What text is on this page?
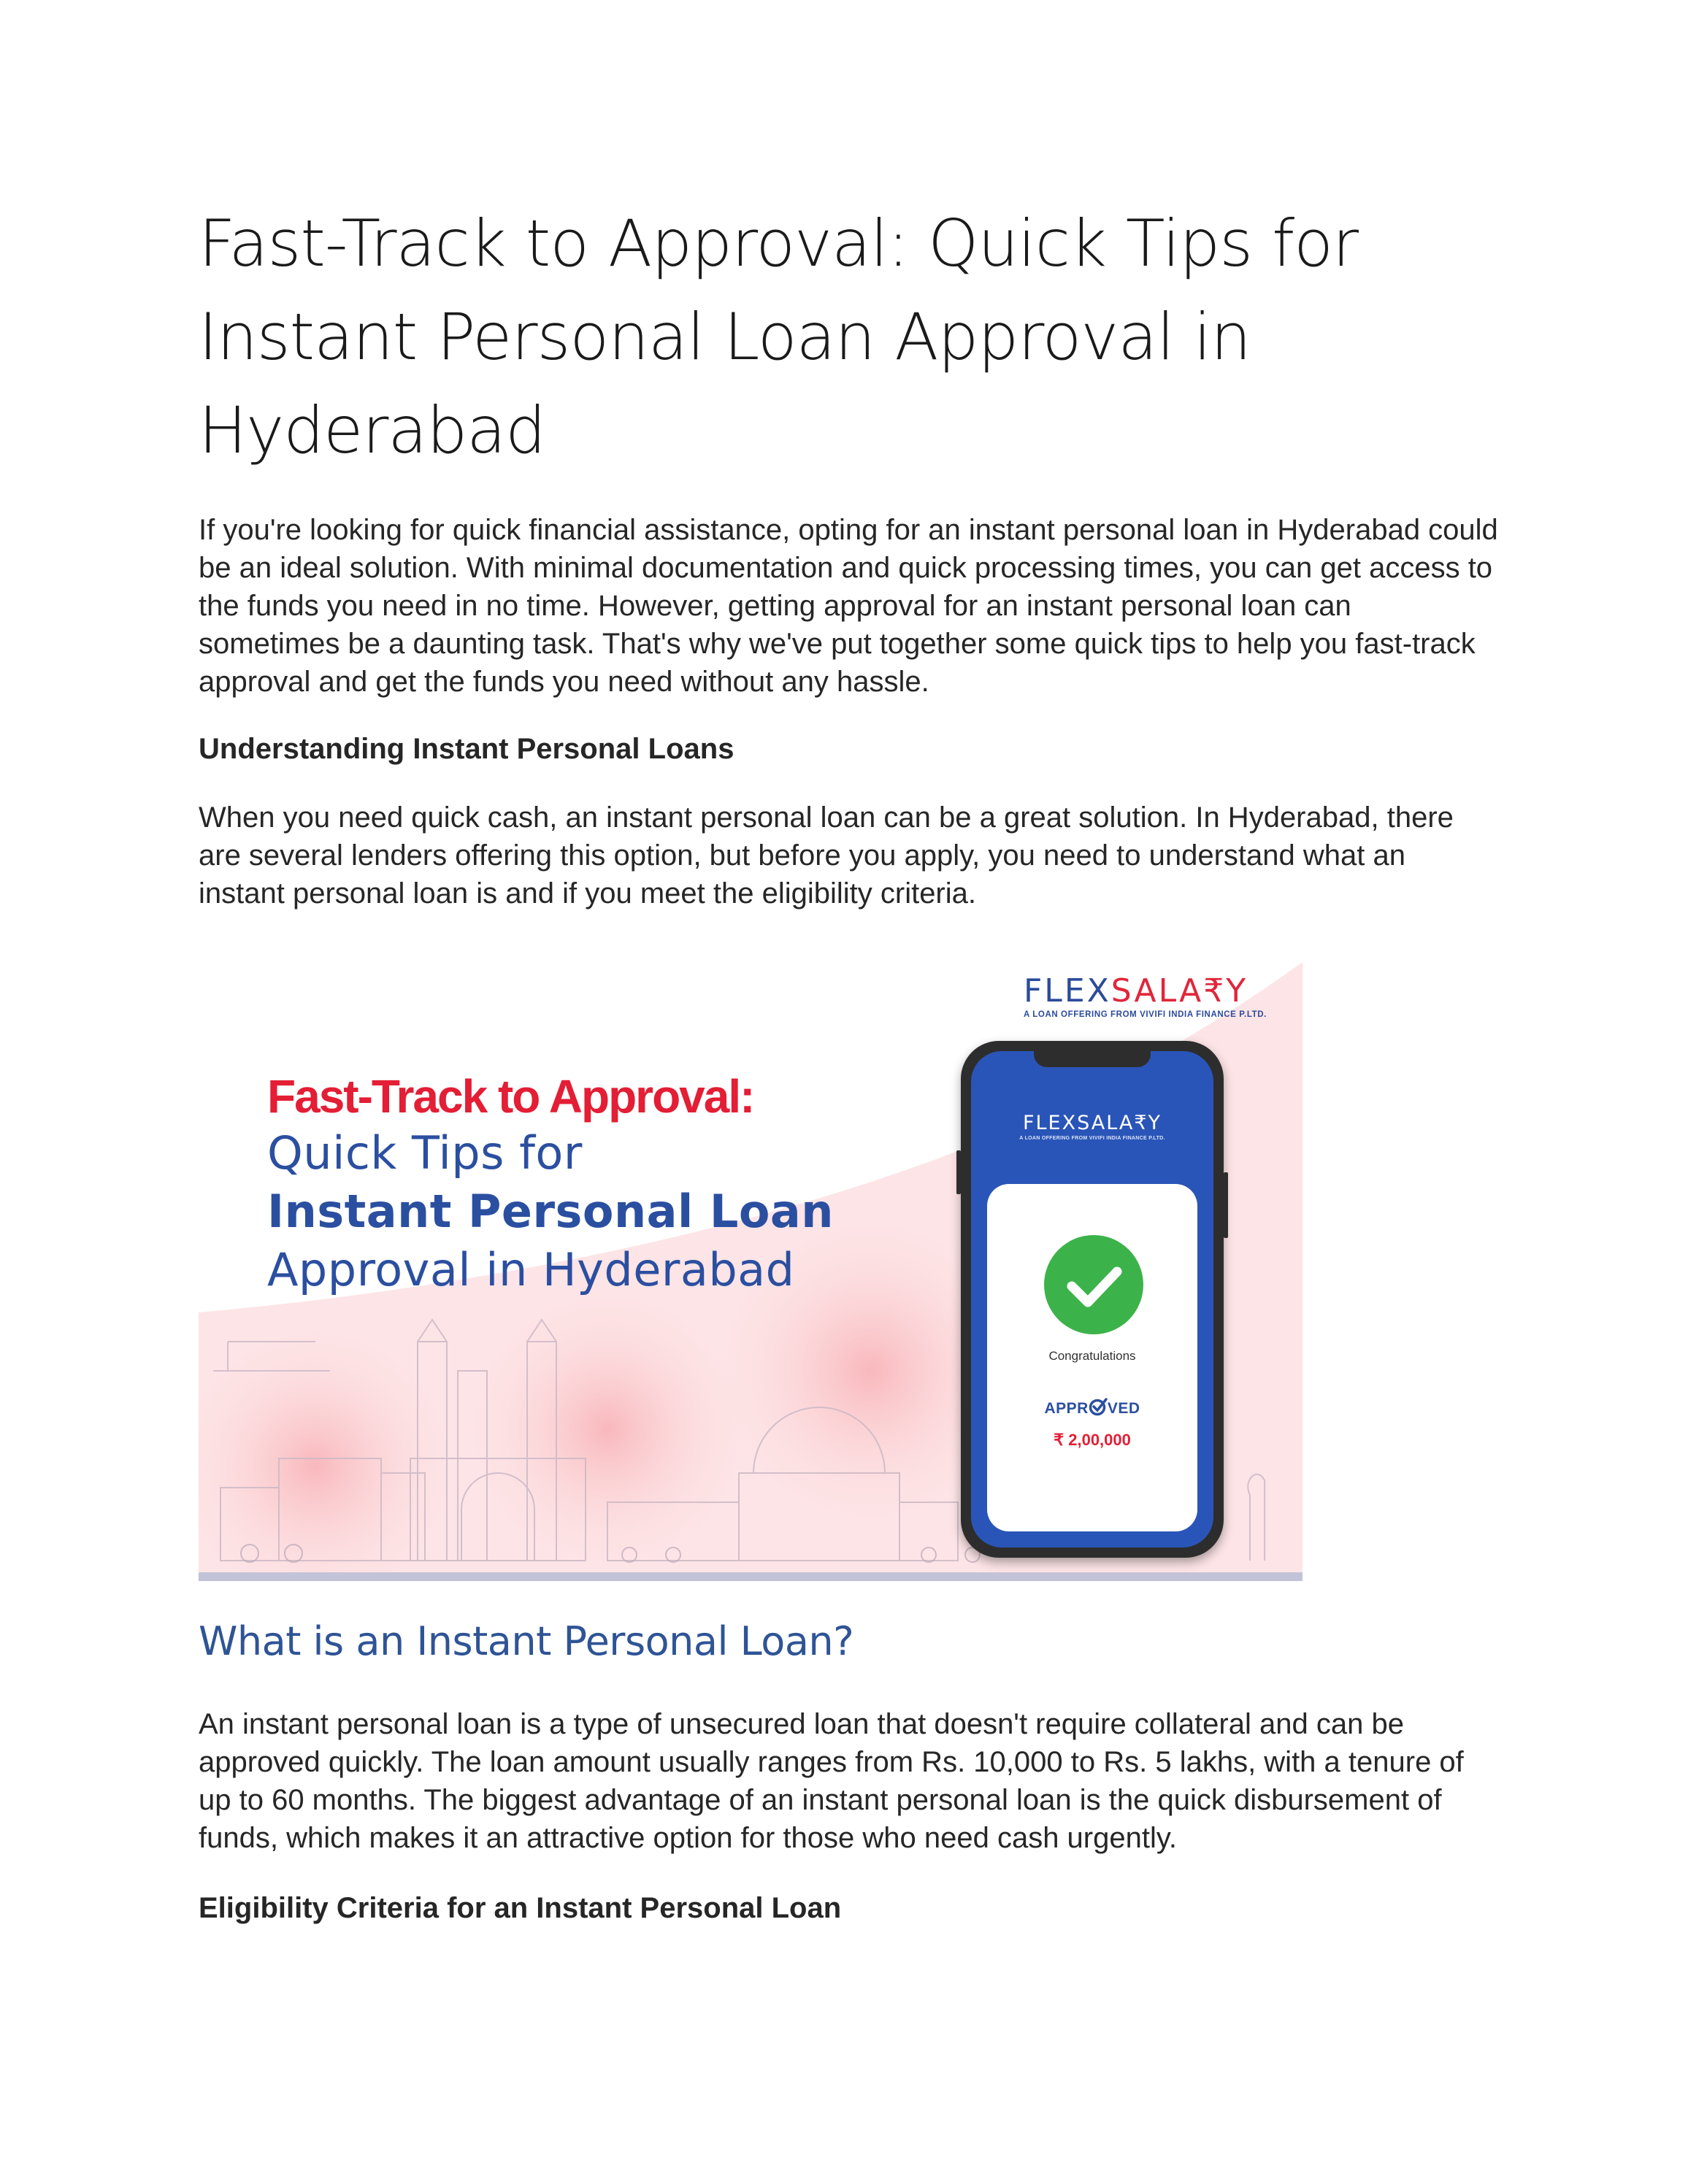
Fast-Track to Approval: Quick Tips for Instant Personal Loan Approval in Hyderabad

If you're looking for quick financial assistance, opting for an instant personal loan in Hyderabad could be an ideal solution. With minimal documentation and quick processing times, you can get access to the funds you need in no time. However, getting approval for an instant personal loan can sometimes be a daunting task. That's why we've put together some quick tips to help you fast-track approval and get the funds you need without any hassle.

Understanding Instant Personal Loans

When you need quick cash, an instant personal loan can be a great solution. In Hyderabad, there are several lenders offering this option, but before you apply, you need to understand what an instant personal loan is and if you meet the eligibility criteria.

FLEXSALA₹Y
A LOAN OFFERING FROM VIVIFI INDIA FINANCE P.LTD.
Fast-Track to Approval:
Quick Tips for
Instant Personal Loan
Approval in Hyderabad
FLEXSALA₹Y
A LOAN OFFERING FROM VIVIFI INDIA FINANCE P.LTD.
Congratulations
APPR VED
₹ 2,00,000
What is an Instant Personal Loan?

An instant personal loan is a type of unsecured loan that doesn't require collateral and can be approved quickly. The loan amount usually ranges from Rs. 10,000 to Rs. 5 lakhs, with a tenure of up to 60 months. The biggest advantage of an instant personal loan is the quick disbursement of funds, which makes it an attractive option for those who need cash urgently.

Eligibility Criteria for an Instant Personal Loan
